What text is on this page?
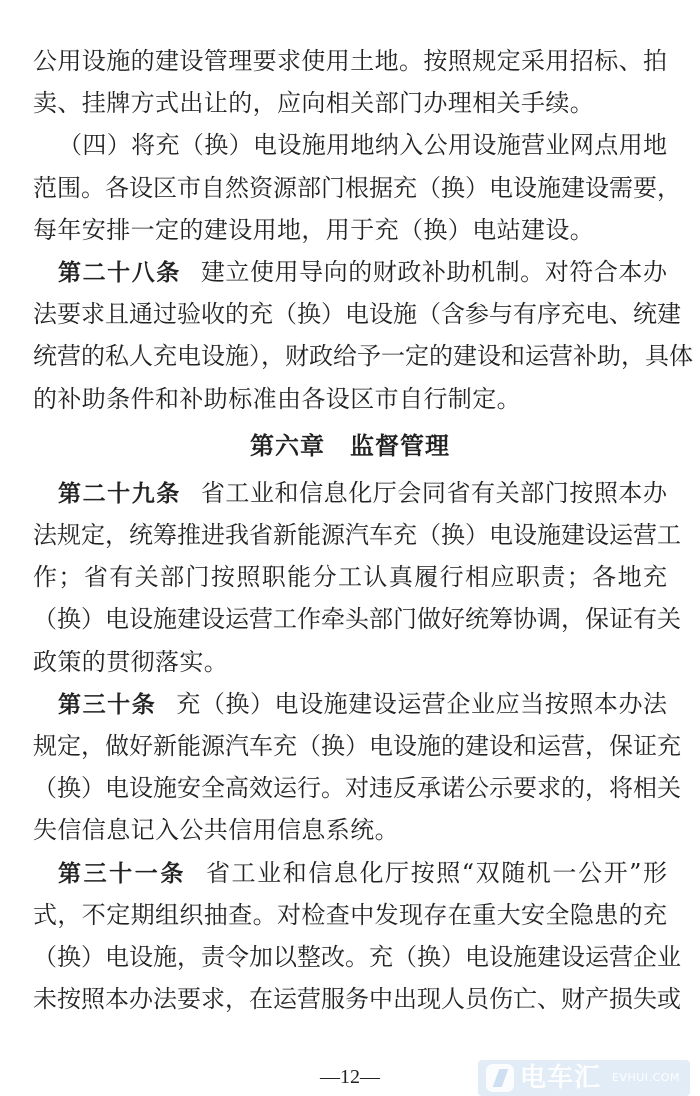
公用设施的建设管理要求使用土地。按照规定采用招标、拍
卖、挂牌方式出让的，应向相关部门办理相关手续。
（四）将充（换）电设施用地纳入公用设施营业网点用地
范围。各设区市自然资源部门根据充（换）电设施建设需要，
每年安排一定的建设用地，用于充（换）电站建设。
第二十八条 建立使用导向的财政补助机制。对符合本办
法要求且通过验收的充（换）电设施（含参与有序充电、统建
统营的私人充电设施），财政给予一定的建设和运营补助，具体
的补助条件和补助标准由各设区市自行制定。
第六章　监督管理
第二十九条 省工业和信息化厅会同省有关部门按照本办
法规定，统筹推进我省新能源汽车充（换）电设施建设运营工
作；省有关部门按照职能分工认真履行相应职责；各地充
（换）电设施建设运营工作牵头部门做好统筹协调，保证有关
政策的贯彻落实。
第三十条 充（换）电设施建设运营企业应当按照本办法
规定，做好新能源汽车充（换）电设施的建设和运营，保证充
（换）电设施安全高效运行。对违反承诺公示要求的，将相关
失信信息记入公共信用信息系统。
第三十一条 省工业和信息化厅按照“双随机一公开”形
式，不定期组织抽查。对检查中发现存在重大安全隐患的充
（换）电设施，责令加以整改。充（换）电设施建设运营企业
未按照本办法要求，在运营服务中出现人员伤亡、财产损失或
—12—	电车汇 EVHUI.COM
